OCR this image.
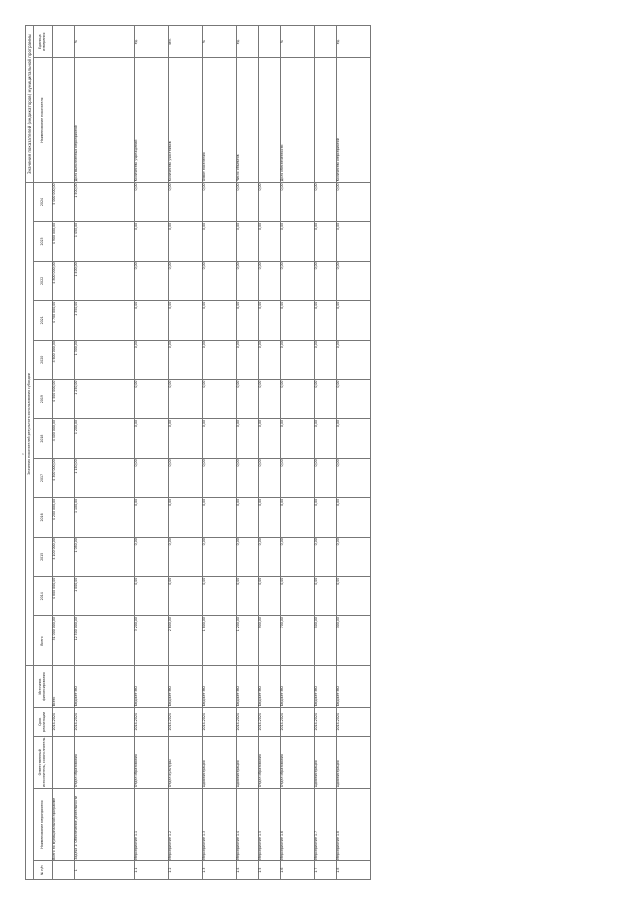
1
					Значения показателей результата использования субсидии												Значения показателей (индикаторов) муниципальной программы	
№ п/п	Наименование мероприятия	Ответственный исполнитель, соисполнитель	Срок реализации	Источник финансирования	Всего	2014	2015	2016	2017	2018	2019	2020	2021	2022	2023	2024	Наименование показателя	Единица измерения
	Всего по муниципальной программе		2014-2024	Всего	51 000 000,00	4 800 000,00	4 100 000,00	4 200 000,00	4 300 000,00	4 400 000,00	4 500 000,00	4 600 000,00	4 700 000,00	4 800 000,00	4 900 000,00	5 000 000,00		
1	Задача 1: Обеспечение деятельности	Отдел образования	2014-2024	Бюджет МО	12 500 000,00	1 000,00	1 050,00	1 100,00	1 150,00	1 200,00	1 250,00	1 300,00	1 350,00	1 400,00	1 450,00	1 500,00	Доля выполненных мероприятий	%
1.1	Мероприятие 1.1	Отдел образования	2014-2024	Бюджет МО	3 200,00	0,00	0,00	0,00	0,00	0,00	0,00	0,00	0,00	0,00	0,00	0,00	Количество учреждений	ед.
1.2	Мероприятие 1.2	Отдел культуры	2014-2024	Бюджет МО	2 600,00	0,00	0,00	0,00	0,00	0,00	0,00	0,00	0,00	0,00	0,00	0,00	Количество участников	чел.
1.3	Мероприятие 1.3	Администрация	2014-2024	Бюджет МО	1 800,00	0,00	0,00	0,00	0,00	0,00	0,00	0,00	0,00	0,00	0,00	0,00	Охват населения	%
1.4	Мероприятие 1.4	Администрация	2014-2024	Бюджет МО	1 200,00	0,00	0,00	0,00	0,00	0,00	0,00	0,00	0,00	0,00	0,00	0,00	Число объектов	ед.
1.5	Мероприятие 1.5	Отдел образования	2014-2024	Бюджет МО	900,00	0,00	0,00	0,00	0,00	0,00	0,00	0,00	0,00	0,00	0,00	0,00		
1.6	Мероприятие 1.6	Отдел образования	2014-2024	Бюджет МО	700,00	0,00	0,00	0,00	0,00	0,00	0,00	0,00	0,00	0,00	0,00	0,00	Доля обеспеченности	%
1.7	Мероприятие 1.7	Администрация	2014-2024	Бюджет МО	500,00	0,00	0,00	0,00	0,00	0,00	0,00	0,00	0,00	0,00	0,00	0,00		
1.8	Мероприятие 1.8	Администрация	2014-2024	Бюджет МО	300,00	0,00	0,00	0,00	0,00	0,00	0,00	0,00	0,00	0,00	0,00	0,00	Количество мероприятий	ед.
